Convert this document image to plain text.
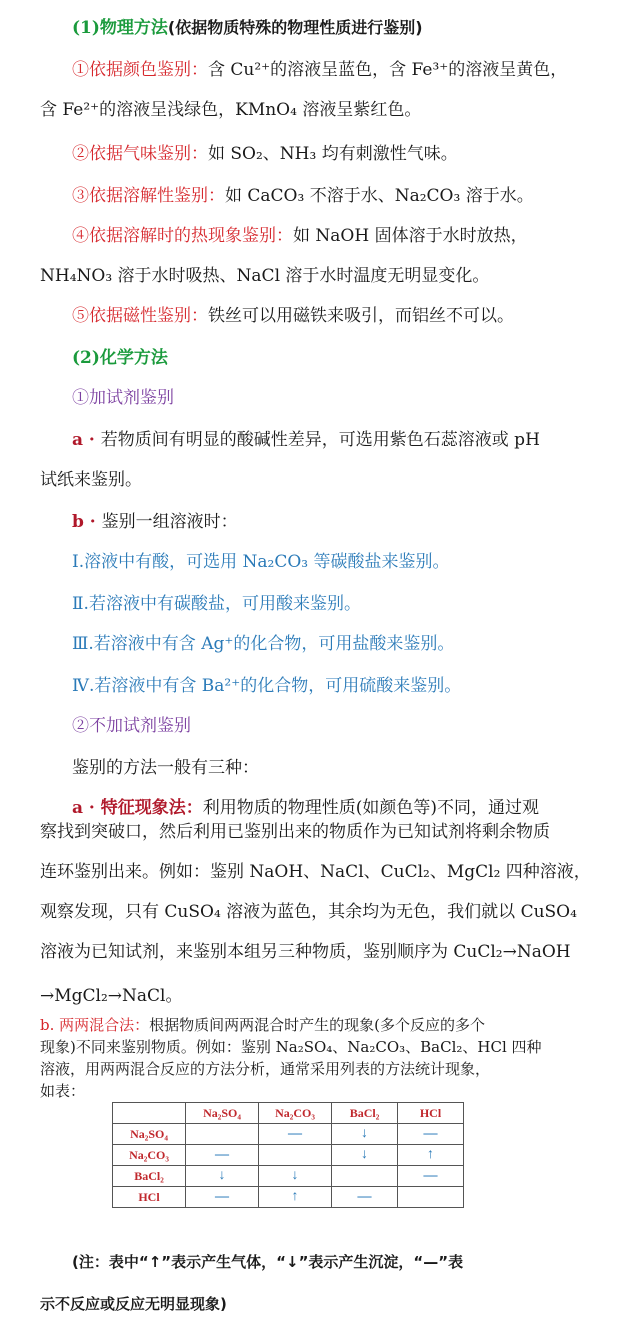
(1)物理方法(依据物质特殊的物理性质进行鉴别)
①依据颜色鉴别：含 Cu²⁺的溶液呈蓝色，含 Fe³⁺的溶液呈黄色，
含 Fe²⁺的溶液呈浅绿色，KMnO₄ 溶液呈紫红色。
②依据气味鉴别：如 SO₂、NH₃ 均有刺激性气味。
③依据溶解性鉴别：如 CaCO₃ 不溶于水、Na₂CO₃ 溶于水。
④依据溶解时的热现象鉴别：如 NaOH 固体溶于水时放热，
NH₄NO₃ 溶于水时吸热、NaCl 溶于水时温度无明显变化。
⑤依据磁性鉴别：铁丝可以用磁铁来吸引，而铝丝不可以。
(2)化学方法
①加试剂鉴别
a · 若物质间有明显的酸碱性差异，可选用紫色石蕊溶液或 pH
试纸来鉴别。
b · 鉴别一组溶液时：
Ⅰ.溶液中有酸，可选用 Na₂CO₃ 等碳酸盐来鉴别。
Ⅱ.若溶液中有碳酸盐，可用酸来鉴别。
Ⅲ.若溶液中有含 Ag⁺的化合物，可用盐酸来鉴别。
Ⅳ.若溶液中有含 Ba²⁺的化合物，可用硫酸来鉴别。
②不加试剂鉴别
鉴别的方法一般有三种：
a · 特征现象法：利用物质的物理性质(如颜色等)不同，通过观
察找到突破口，然后利用已鉴别出来的物质作为已知试剂将剩余物质
连环鉴别出来。例如：鉴别 NaOH、NaCl、CuCl₂、MgCl₂ 四种溶液，
观察发现，只有 CuSO₄ 溶液为蓝色，其余均为无色，我们就以 CuSO₄
溶液为已知试剂，来鉴别本组另三种物质，鉴别顺序为 CuCl₂→NaOH
→MgCl₂→NaCl。
b. 两两混合法：根据物质间两两混合时产生的现象(多个反应的多个
现象)不同来鉴别物质。例如：鉴别 Na₂SO₄、Na₂CO₃、BaCl₂、HCl 四种
溶液，用两两混合反应的方法分析，通常采用列表的方法统计现象，
如表：
	Na₂SO₄	Na₂CO₃	BaCl₂	HCl
Na₂SO₄		—	↓	—
Na₂CO₃	—		↓	↑
BaCl₂	↓	↓		—
HCl	—	↑	—	
(注：表中“↑”表示产生气体，“↓”表示产生沉淀，“—”表
示不反应或反应无明显现象)
